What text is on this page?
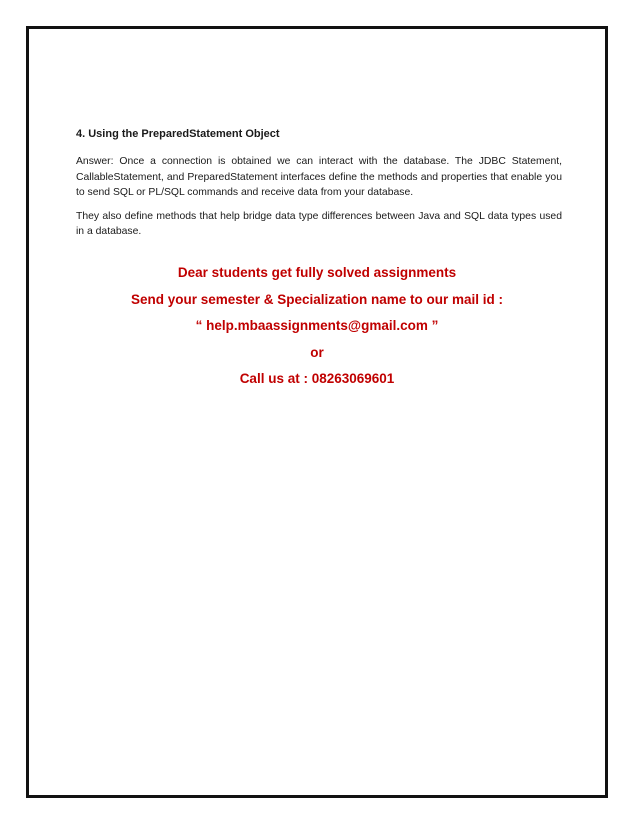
4. Using the PreparedStatement Object

Answer: Once a connection is obtained we can interact with the database. The JDBC Statement, CallableStatement, and PreparedStatement interfaces define the methods and properties that enable you to send SQL or PL/SQL commands and receive data from your database.

They also define methods that help bridge data type differences between Java and SQL data types used in a database.

Dear students get fully solved assignments
Send your semester & Specialization name to our mail id :
“ help.mbaassignments@gmail.com ”
or
Call us at : 08263069601
